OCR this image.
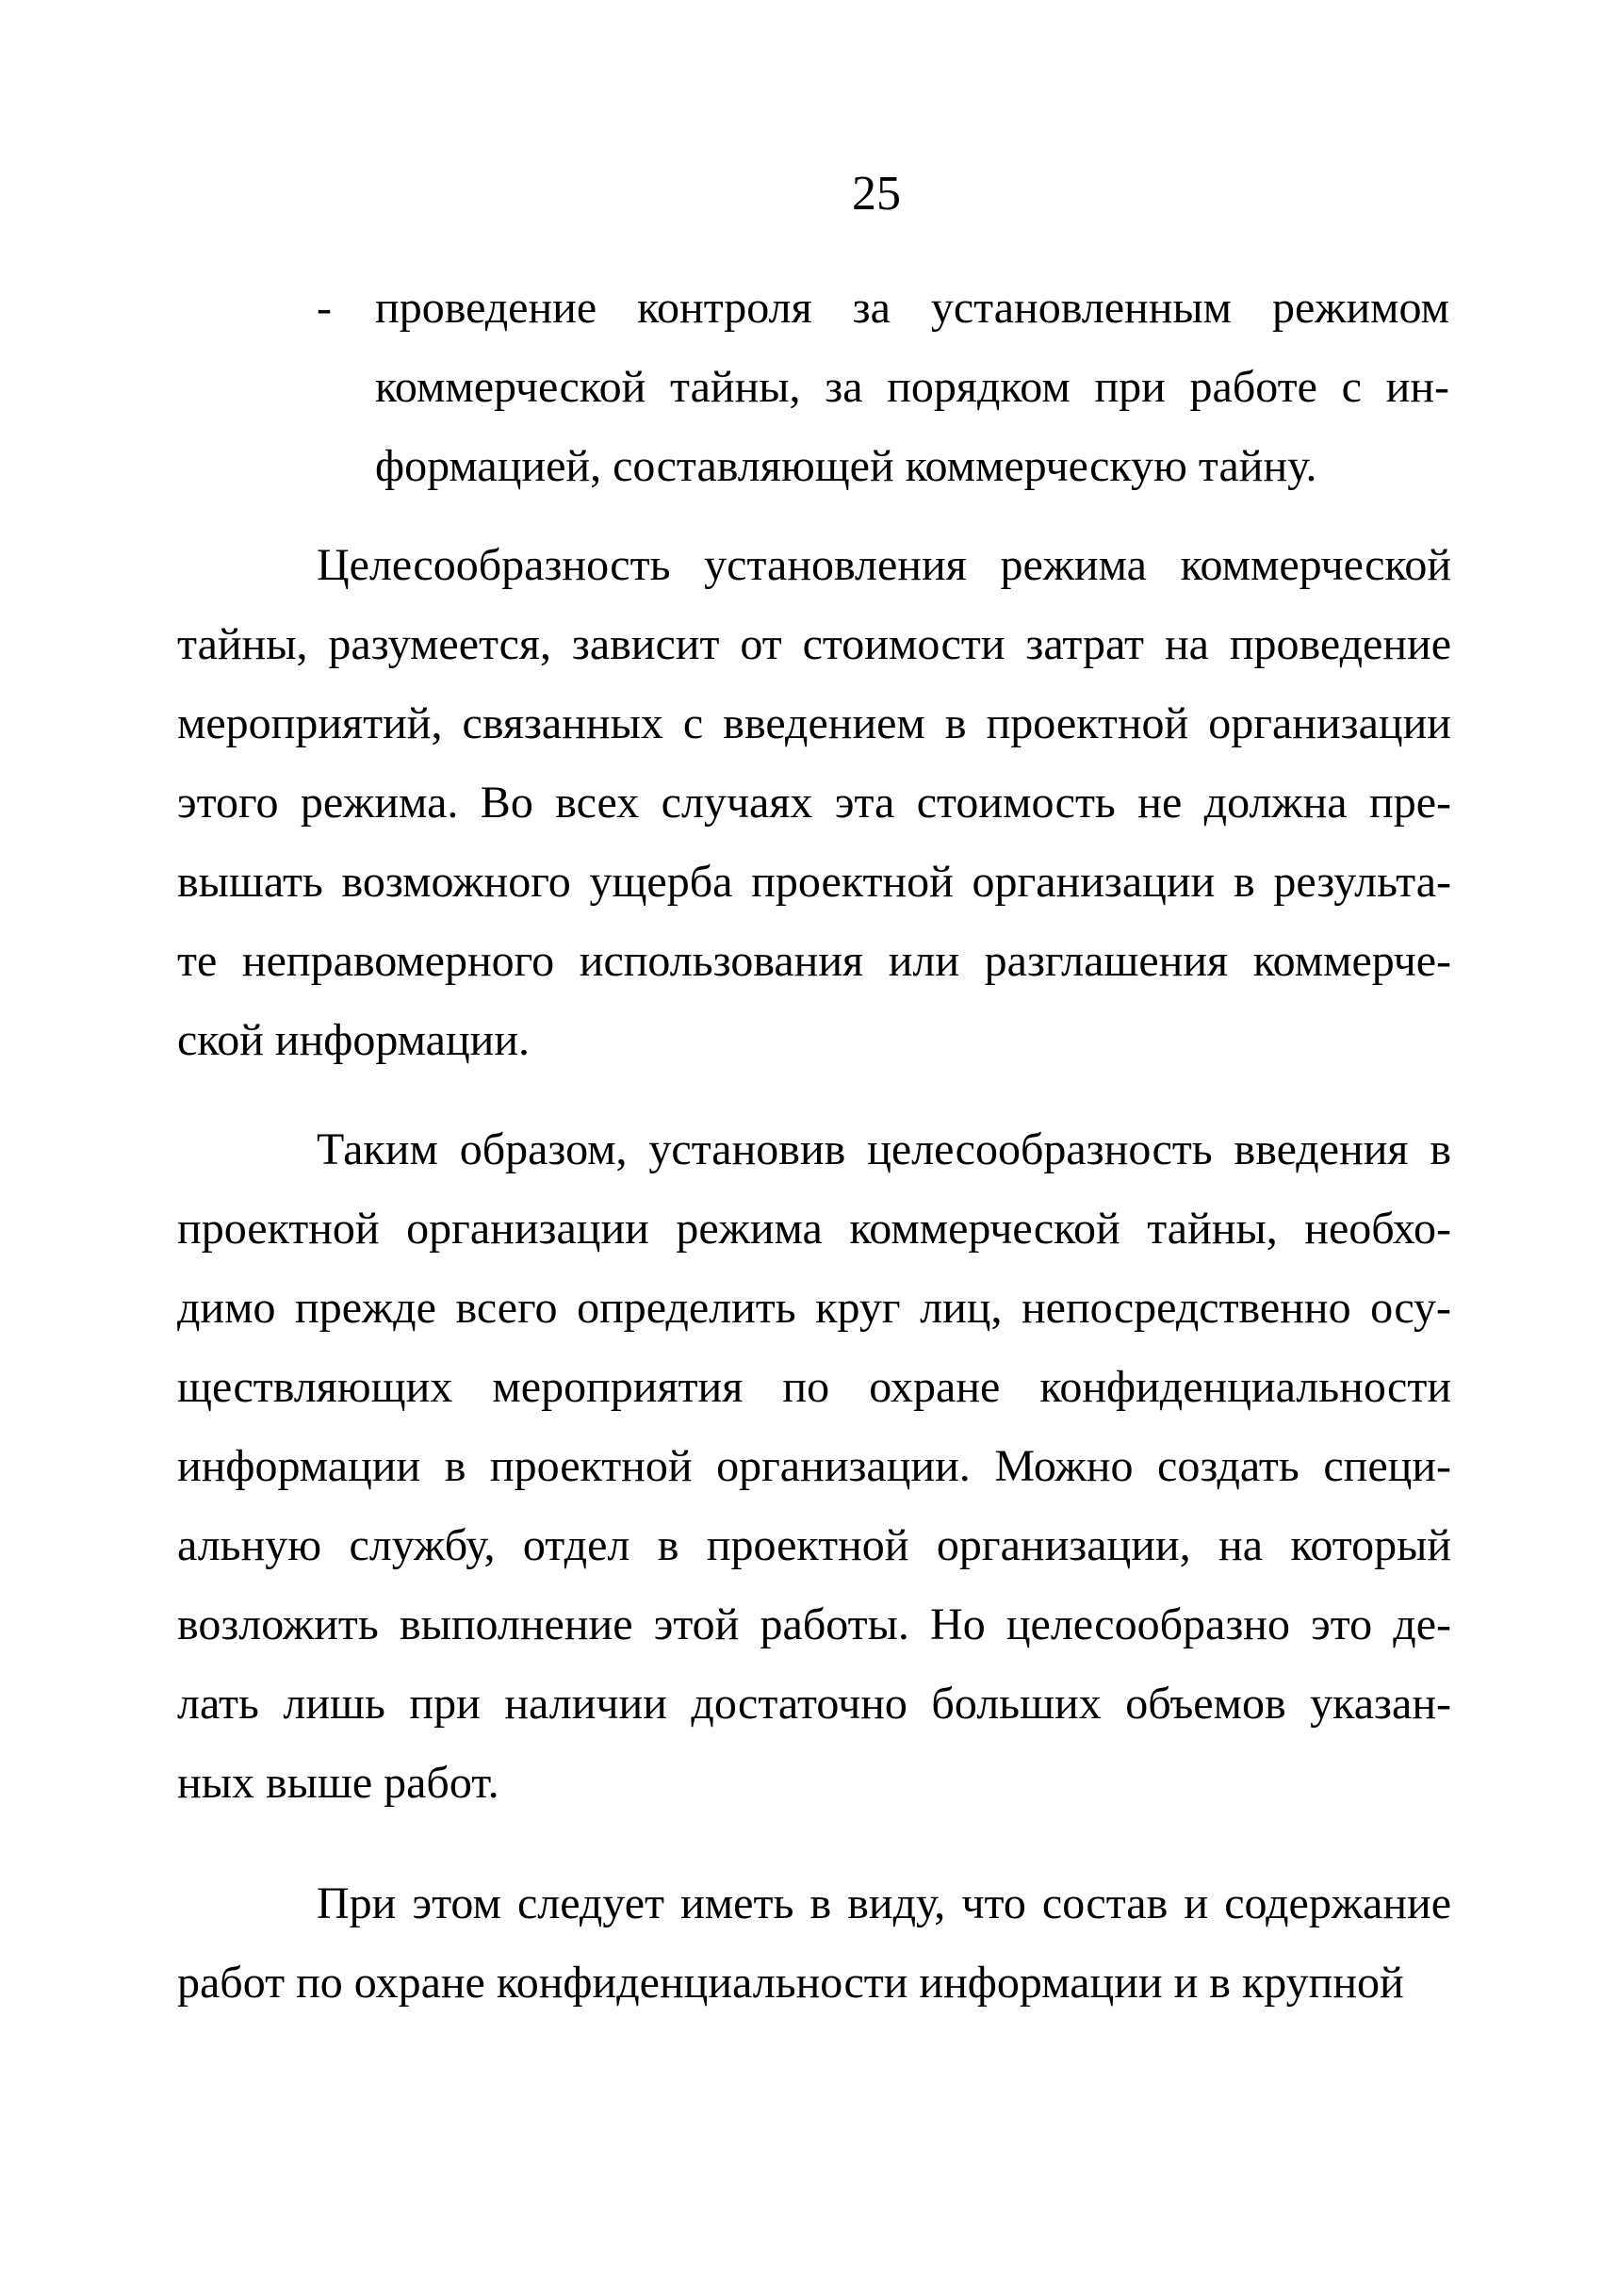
25
- проведение контроля за установленным режимом
коммерческой тайны, за порядком при работе с ин-
формацией, составляющей коммерческую тайну.
Целесообразность установления режима коммерческой
тайны, разумеется, зависит от стоимости затрат на проведение
мероприятий, связанных с введением в проектной организации
этого режима. Во всех случаях эта стоимость не должна пре-
вышать возможного ущерба проектной организации в результа-
те неправомерного использования или разглашения коммерче-
ской информации.
Таким образом, установив целесообразность введения в
проектной организации режима коммерческой тайны, необхо-
димо прежде всего определить круг лиц, непосредственно осу-
ществляющих мероприятия по охране конфиденциальности
информации в проектной организации. Можно создать специ-
альную службу, отдел в проектной организации, на который
возложить выполнение этой работы. Но целесообразно это де-
лать лишь при наличии достаточно больших объемов указан-
ных выше работ.
При этом следует иметь в виду, что состав и содержание
работ по охране конфиденциальности информации и в крупной
